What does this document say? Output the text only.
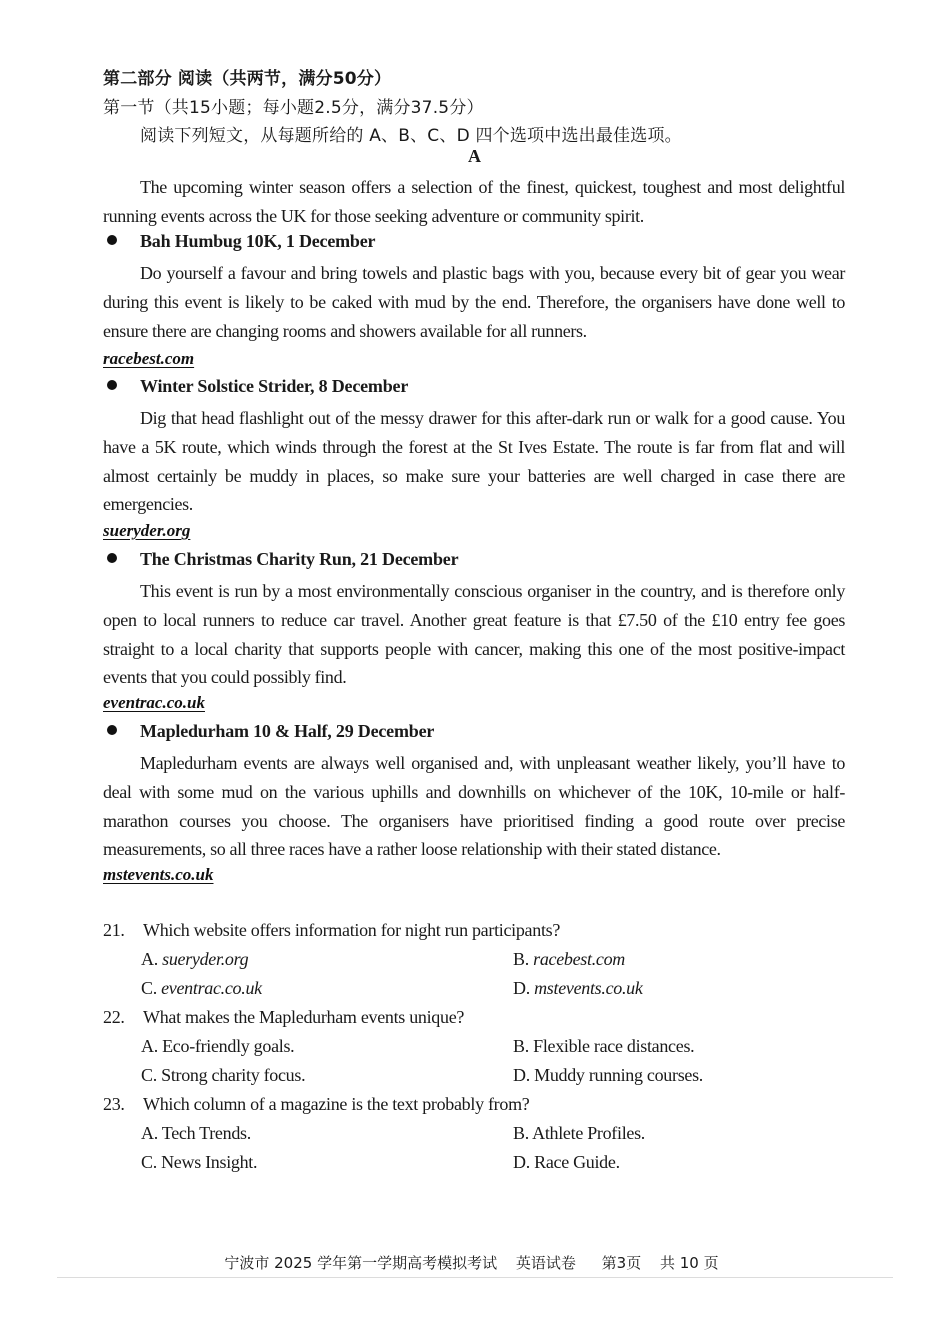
第二部分 阅读（共两节，满分50分）
第一节（共15小题；每小题2.5分，满分37.5分）
阅读下列短文，从每题所给的 A、B、C、D 四个选项中选出最佳选项。
A
The upcoming winter season offers a selection of the finest, quickest, toughest and most delightful running events across the UK for those seeking adventure or community spirit.
Bah Humbug 10K, 1 December
Do yourself a favour and bring towels and plastic bags with you, because every bit of gear you wear during this event is likely to be caked with mud by the end. Therefore, the organisers have done well to ensure there are changing rooms and showers available for all runners.
racebest.com
Winter Solstice Strider, 8 December
Dig that head flashlight out of the messy drawer for this after-dark run or walk for a good cause. You have a 5K route, which winds through the forest at the St Ives Estate. The route is far from flat and will almost certainly be muddy in places, so make sure your batteries are well charged in case there are emergencies.
sueryder.org
The Christmas Charity Run, 21 December
This event is run by a most environmentally conscious organiser in the country, and is therefore only open to local runners to reduce car travel. Another great feature is that £7.50 of the £10 entry fee goes straight to a local charity that supports people with cancer, making this one of the most positive-impact events that you could possibly find.
eventrac.co.uk
Mapledurham 10 & Half, 29 December
Mapledurham events are always well organised and, with unpleasant weather likely, you’ll have to deal with some mud on the various uphills and downhills on whichever of the 10K, 10-mile or half-marathon courses you choose. The organisers have prioritised finding a good route over precise measurements, so all three races have a rather loose relationship with their stated distance.
mstevents.co.uk
21. Which website offers information for night run participants?
A. sueryder.org	B. racebest.com
C. eventrac.co.uk	D. mstevents.co.uk
22. What makes the Mapledurham events unique?
A. Eco-friendly goals.	B. Flexible race distances.
C. Strong charity focus.	D. Muddy running courses.
23. Which column of a magazine is the text probably from?
A. Tech Trends.	B. Athlete Profiles.
C. News Insight.	D. Race Guide.
宁波市 2025 学年第一学期高考模拟考试 英语试卷 第3页 共 10 页
